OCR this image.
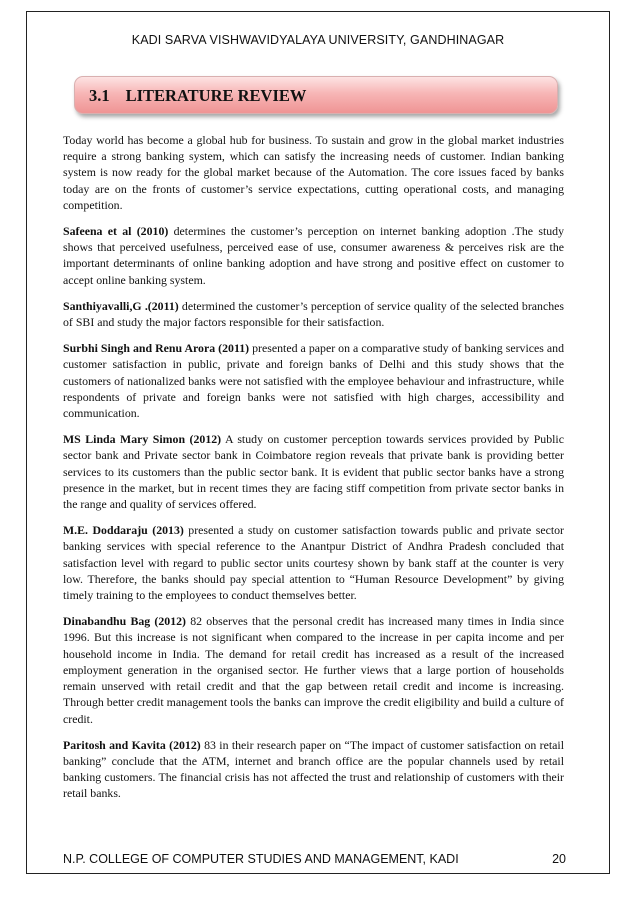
KADI SARVA VISHWAVIDYALAYA UNIVERSITY, GANDHINAGAR
3.1 LITERATURE REVIEW

Today world has become a global hub for business. To sustain and grow in the global market industries require a strong banking system, which can satisfy the increasing needs of customer. Indian banking system is now ready for the global market because of the Automation. The core issues faced by banks today are on the fronts of customer’s service expectations, cutting operational costs, and managing competition.

Safeena et al (2010) determines the customer’s perception on internet banking adoption .The study shows that perceived usefulness, perceived ease of use, consumer awareness & perceives risk are the important determinants of online banking adoption and have strong and positive effect on customer to accept online banking system.

Santhiyavalli,G .(2011) determined the customer’s perception of service quality of the selected branches of SBI and study the major factors responsible for their satisfaction.

Surbhi Singh and Renu Arora (2011) presented a paper on a comparative study of banking services and customer satisfaction in public, private and foreign banks of Delhi and this study shows that the customers of nationalized banks were not satisfied with the employee behaviour and infrastructure, while respondents of private and foreign banks were not satisfied with high charges, accessibility and communication.

MS Linda Mary Simon (2012) A study on customer perception towards services provided by Public sector bank and Private sector bank in Coimbatore region reveals that private bank is providing better services to its customers than the public sector bank. It is evident that public sector banks have a strong presence in the market, but in recent times they are facing stiff competition from private sector banks in the range and quality of services offered.

M.E. Doddaraju (2013) presented a study on customer satisfaction towards public and private sector banking services with special reference to the Anantpur District of Andhra Pradesh concluded that satisfaction level with regard to public sector units courtesy shown by bank staff at the counter is very low. Therefore, the banks should pay special attention to “Human Resource Development” by giving timely training to the employees to conduct themselves better.

Dinabandhu Bag (2012) 82 observes that the personal credit has increased many times in India since 1996. But this increase is not significant when compared to the increase in per capita income and per household income in India. The demand for retail credit has increased as a result of the increased employment generation in the organised sector. He further views that a large portion of households remain unserved with retail credit and that the gap between retail credit and income is increasing. Through better credit management tools the banks can improve the credit eligibility and build a culture of credit.

Paritosh and Kavita (2012) 83 in their research paper on “The impact of customer satisfaction on retail banking” conclude that the ATM, internet and branch office are the popular channels used by retail banking customers. The financial crisis has not affected the trust and relationship of customers with their retail banks.

N.P. COLLEGE OF COMPUTER STUDIES AND MANAGEMENT, KADI	20
